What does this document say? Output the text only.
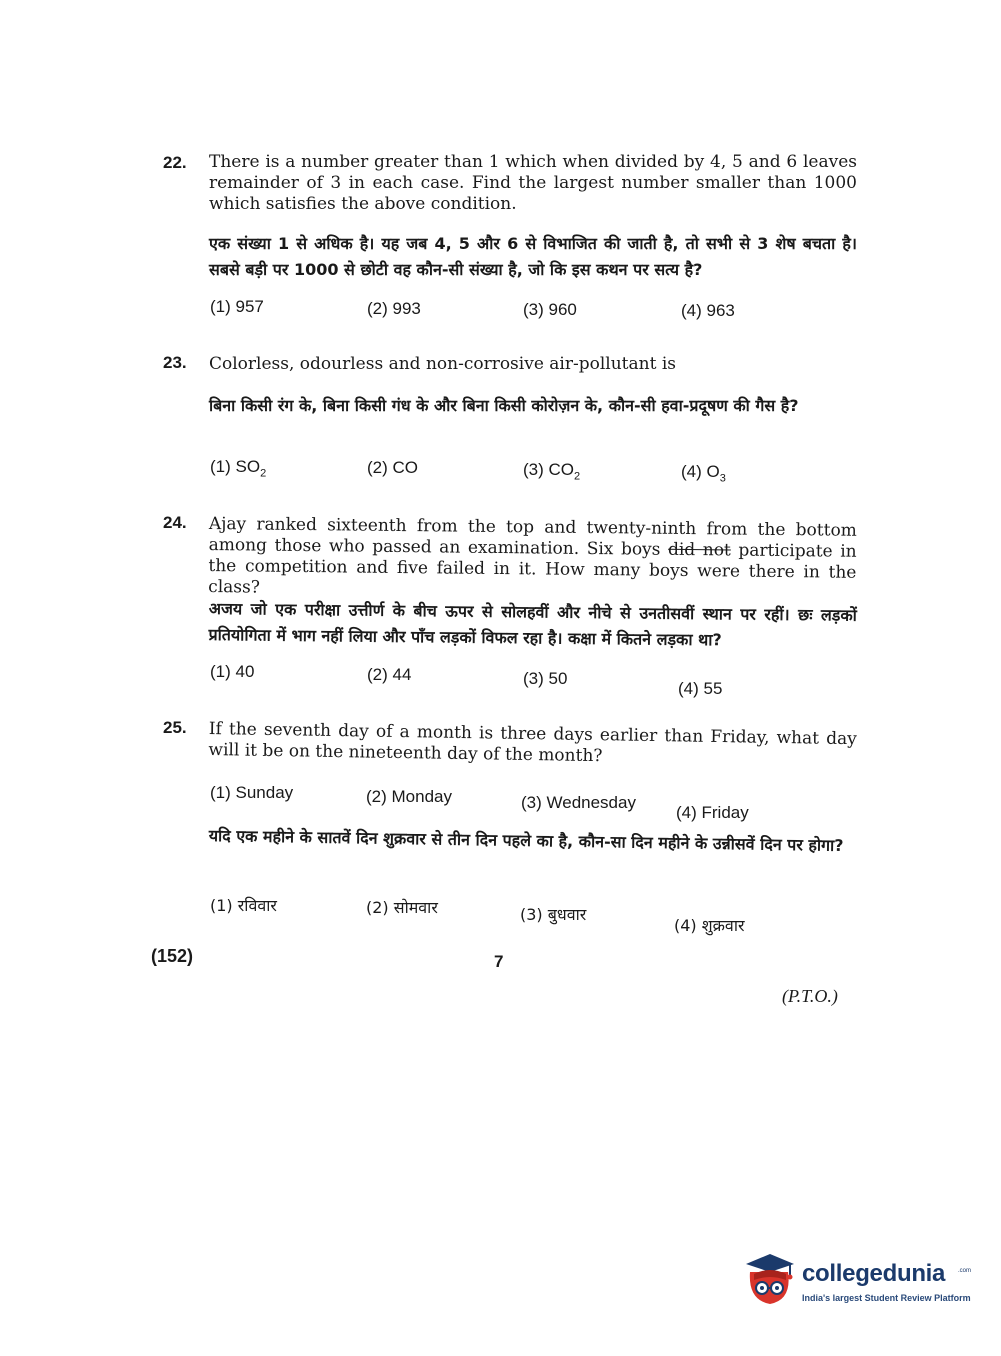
22. There is a number greater than 1 which when divided by 4, 5 and 6 leaves remainder of 3 in each case. Find the largest number smaller than 1000 which satisfies the above condition.
एक संख्या 1 से अधिक है। यह जब 4, 5 और 6 से विभाजित की जाती है, तो सभी से 3 शेष बचता है। सबसे बड़ी पर 1000 से छोटी वह कौन-सी संख्या है, जो कि इस कथन पर सत्य है?
(1) 957	(2) 993	(3) 960	(4) 963
23. Colorless, odourless and non-corrosive air-pollutant is
बिना किसी रंग के, बिना किसी गंध के और बिना किसी कोरोज़न के, कौन-सी हवा-प्रदूषण की गैस है?
(1) $SO_2$	(2) CO	(3) $CO_2$	(4) $O_3$
24. Ajay ranked sixteenth from the top and twenty-ninth from the bottom among those who passed an examination. Six boys did not participate in the competition and five failed in it. How many boys were there in the class?
अजय जो एक परीक्षा उत्तीर्ण के बीच ऊपर से सोलहवीं और नीचे से उनतीसवीं स्थान पर रहीं। छः लड़कों प्रतियोगिता में भाग नहीं लिया और पाँच लड़कों विफल रहा है। कक्षा में कितने लड़का था?
(1) 40	(2) 44	(3) 50
(4) 55
25. If the seventh day of a month is three days earlier than Friday, what day will it be on the nineteenth day of the month?
(1) Sunday	(2) Monday	(3) Wednesday
(4) Friday
यदि एक महीने के सातवें दिन शुक्रवार से तीन दिन पहले का है, कौन-सा दिन महीने के उन्नीसवें दिन पर होगा?
(1) रविवार	(2) सोमवार	(3) बुधवार
(4) शुक्रवार
(152)	7
(P.T.O.)
collegedunia .com
India's largest Student Review Platform
